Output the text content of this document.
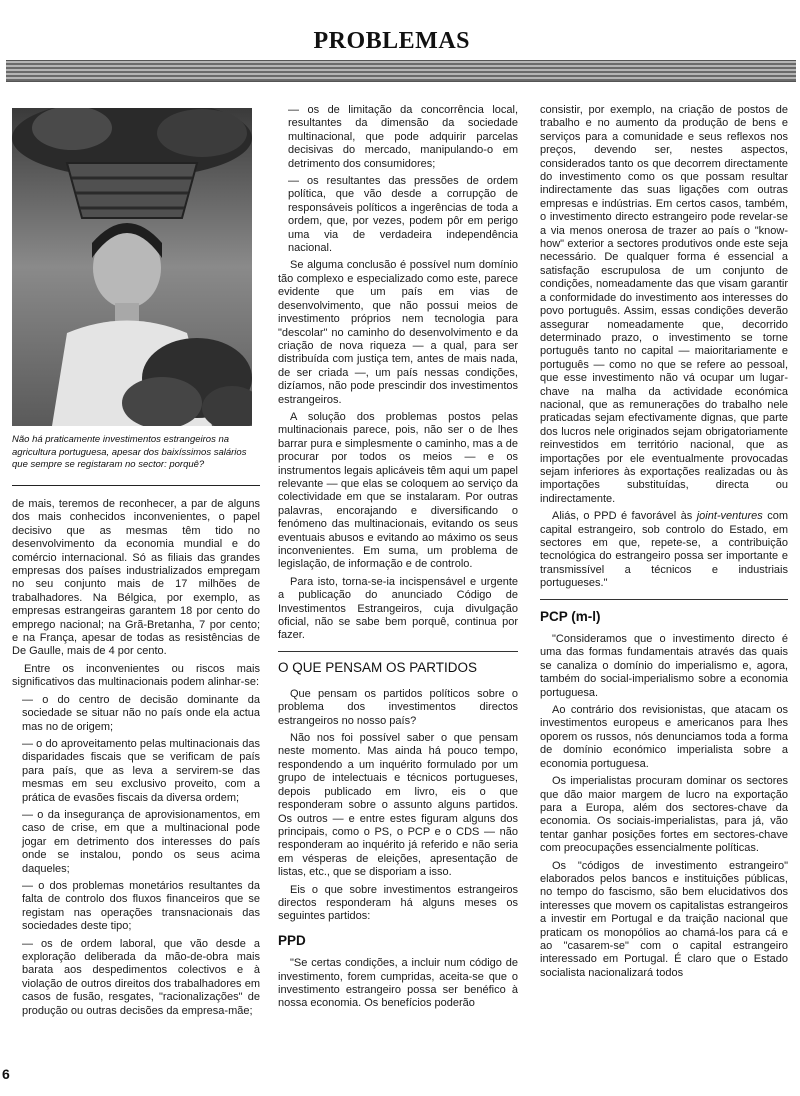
PROBLEMAS
Não há praticamente investimentos estrangeiros na agricultura portuguesa, apesar dos baixíssimos salários que sempre se registaram no sector: porquê?

de mais, teremos de reconhecer, a par de alguns dos mais conhecidos inconvenientes, o papel decisivo que as mesmas têm tido no desenvolvimento da economia mundial e do comércio internacional. Só as filiais das grandes empresas dos países industrializados empregam no seu conjunto mais de 17 milhões de trabalhadores. Na Bélgica, por exemplo, as empresas estrangeiras garantem 18 por cento do emprego nacional; na Grã-Bretanha, 7 por cento; e na França, apesar de todas as resistências de De Gaulle, mais de 4 por cento.

Entre os inconvenientes ou riscos mais significativos das multinacionais podem alinhar-se:

— o do centro de decisão dominante da sociedade se situar não no país onde ela actua mas no de origem;

— o do aproveitamento pelas multinacionais das disparidades fiscais que se verificam de país para país, que as leva a servirem-se das mesmas em seu exclusivo proveito, com a prática de evasões fiscais da diversa ordem;

— o da insegurança de aprovisionamentos, em caso de crise, em que a multinacional pode jogar em detrimento dos interesses do país onde se instalou, pondo os seus acima daqueles;

— o dos problemas monetários resultantes da falta de controlo dos fluxos financeiros que se registam nas operações transnacionais das sociedades deste tipo;

— os de ordem laboral, que vão desde a exploração deliberada da mão-de-obra mais barata aos despedimentos colectivos e à violação de outros direitos dos trabalhadores em casos de fusão, resgates, "racionalizações" de produção ou outras decisões da empresa-mãe;

— os de limitação da concorrência local, resultantes da dimensão da sociedade multinacional, que pode adquirir parcelas decisivas do mercado, manipulando-o em detrimento dos consumidores;

— os resultantes das pressões de ordem política, que vão desde a corrupção de responsáveis políticos a ingerências de toda a ordem, que, por vezes, podem pôr em perigo uma via de verdadeira independência nacional.

Se alguma conclusão é possível num domínio tão complexo e especializado como este, parece evidente que um país em vias de desenvolvimento, que não possui meios de investimento próprios nem tecnologia para "descolar" no caminho do desenvolvimento e da criação de nova riqueza — a qual, para ser distribuída com justiça tem, antes de mais nada, de ser criada —, um país nessas condições, dizíamos, não pode prescindir dos investimentos estrangeiros.

A solução dos problemas postos pelas multinacionais parece, pois, não ser o de lhes barrar pura e simplesmente o caminho, mas a de procurar por todos os meios — e os instrumentos legais aplicáveis têm aqui um papel relevante — que elas se coloquem ao serviço da colectividade em que se instalaram. Por outras palavras, encorajando e diversificando o fenómeno das multinacionais, evitando os seus eventuais abusos e evitando ao máximo os seus inconvenientes. Em suma, um problema de legislação, de informação e de controlo.

Para isto, torna-se-ia incispensável e urgente a publicação do anunciado Código de Investimentos Estrangeiros, cuja divulgação oficial, não se sabe bem porquê, continua por fazer.

O QUE PENSAM OS PARTIDOS

Que pensam os partidos políticos sobre o problema dos investimentos directos estrangeiros no nosso país?

Não nos foi possível saber o que pensam neste momento. Mas ainda há pouco tempo, respondendo a um inquérito formulado por um grupo de intelectuais e técnicos portugueses, depois publicado em livro, eis o que responderam sobre o assunto alguns partidos. Os outros — e entre estes figuram alguns dos principais, como o PS, o PCP e o CDS — não responderam ao inquérito já referido e não seria em vésperas de eleições, apresentação de listas, etc., que se disporiam a isso.

Eis o que sobre investimentos estrangeiros directos responderam há alguns meses os seguintes partidos:

PPD

"Se certas condições, a incluir num código de investimento, forem cumpridas, aceita-se que o investimento estrangeiro possa ser benéfico à nossa economia. Os benefícios poderão

consistir, por exemplo, na criação de postos de trabalho e no aumento da produção de bens e serviços para a comunidade e seus reflexos nos preços, devendo ser, nestes aspectos, considerados tanto os que decorrem directamente do investimento como os que possam resultar indirectamente das suas ligações com outras empresas e indústrias. Em certos casos, também, o investimento directo estrangeiro pode revelar-se a via menos onerosa de trazer ao país o "know-how" exterior a sectores produtivos onde este seja necessário. De qualquer forma é essencial a satisfação escrupulosa de um conjunto de condições, nomeadamente das que visam garantir a conformidade do investimento aos interesses do povo português. Assim, essas condições deverão assegurar nomeadamente que, decorrido determinado prazo, o investimento se torne português tanto no capital — maioritariamente e português — como no que se refere ao pessoal, que esse investimento não vá ocupar um lugar-chave na malha da actividade económica nacional, que as remunerações do trabalho nele praticadas sejam efectivamente dignas, que parte dos lucros nele originados sejam obrigatoriamente reinvestidos em território nacional, que as importações por ele eventualmente provocadas sejam inferiores às exportações realizadas ou às importações substituídas, directa ou indirectamente.

Aliás, o PPD é favorável às joint-ventures com capital estrangeiro, sob controlo do Estado, em sectores em que, repete-se, a contribuição tecnológica do estrangeiro possa ser importante e transmissível a técnicos e industriais portugueses."

PCP (m-l)

"Consideramos que o investimento directo é uma das formas fundamentais através das quais se canaliza o domínio do imperialismo e, agora, também do social-imperialismo sobre a economia portuguesa.

Ao contrário dos revisionistas, que atacam os investimentos europeus e americanos para lhes oporem os russos, nós denunciamos toda a forma de domínio económico imperialista sobre a economia portuguesa.

Os imperialistas procuram dominar os sectores que dão maior margem de lucro na exportação para a Europa, além dos sectores-chave da economia. Os sociais-imperialistas, para já, vão tentar ganhar posições fortes em sectores-chave com preocupações essencialmente políticas.

Os "códigos de investimento estrangeiro" elaborados pelos bancos e instituições públicas, no tempo do fascismo, são bem elucidativos dos interesses que movem os capitalistas estrangeiros a investir em Portugal e da traição nacional que praticam os monopólios ao chamá-los para cá e ao "casarem-se" com o capital estrangeiro interessado em Portugal. É claro que o Estado socialista nacionalizará todos

6
